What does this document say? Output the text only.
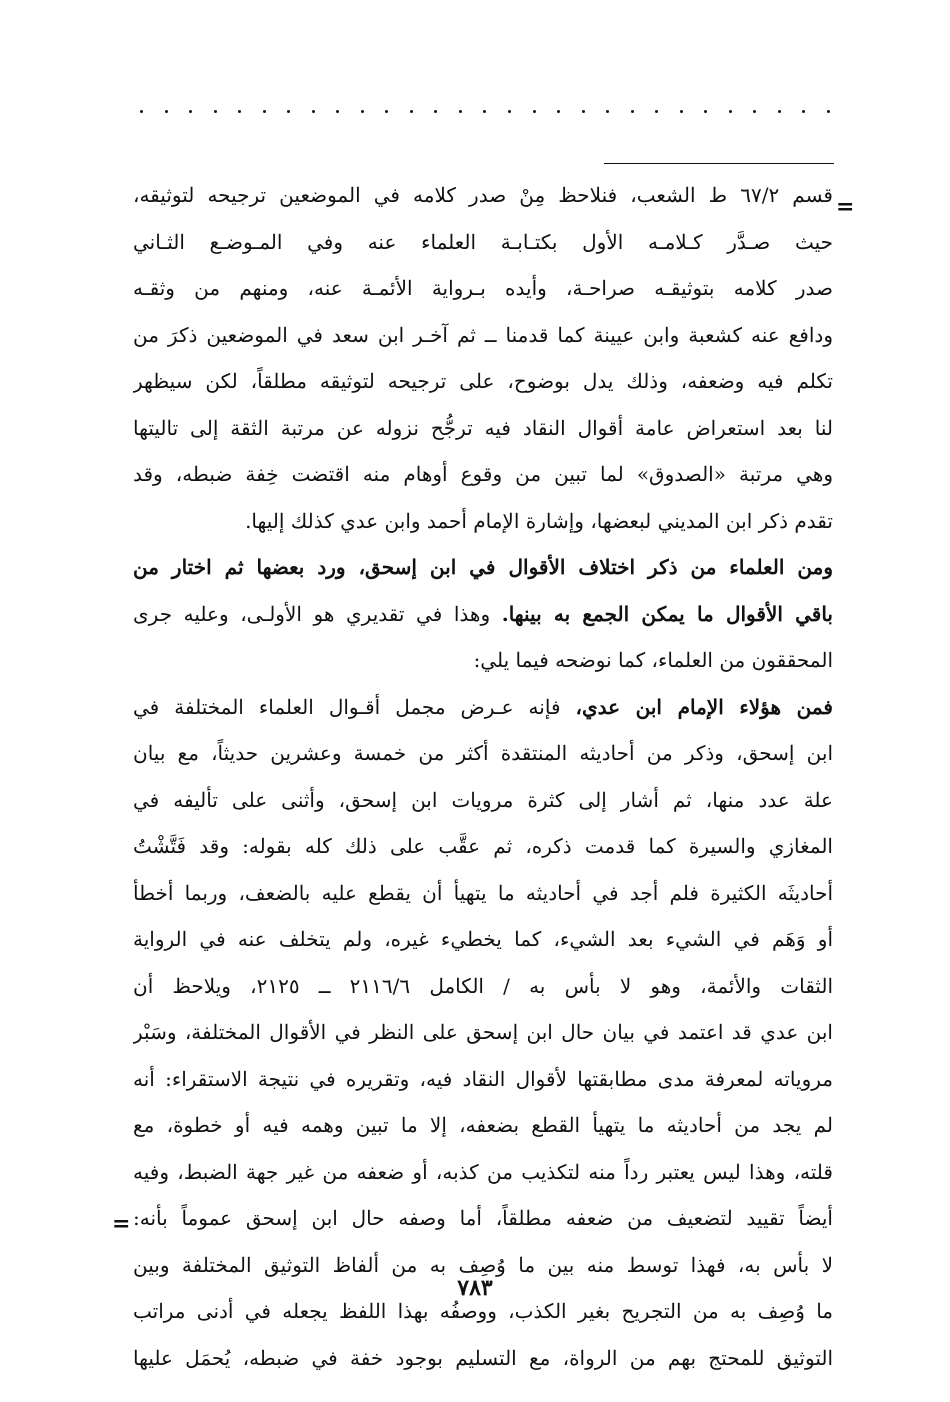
=
قسم ٦٧/٢ ط الشعب، فنلاحظ مِنْ صدر كلامه في الموضعين ترجيحه لتوثيقه،
حيث صـدَّر كـلامـه الأول بكتـابـة العلماء عنه وفي المـوضـع الثـاني
صدر كلامه بتوثيقـه صراحـة، وأيده بـرواية الأئمـة عنه، ومنهم من وثقـه
ودافع عنه كشعبة وابن عيينة كما قدمنا ــ ثم آخـر ابن سعد في الموضعين ذكرَ من
تكلم فيه وضعفه، وذلك يدل بوضوح، على ترجيحه لتوثيقه مطلقاً، لكن سيظهر
لنا بعد استعراض عامة أقوال النقاد فيه ترجُّح نزوله عن مرتبة الثقة إلى تاليتها
وهي مرتبة «الصدوق» لما تبين من وقوع أوهام منه اقتضت خِفة ضبطه، وقد
تقدم ذكر ابن المديني لبعضها، وإشارة الإمام أحمد وابن عدي كذلك إليها.
ومن العلماء من ذكر اختلاف الأقوال في ابن إسحق، ورد بعضها ثم اختار من
باقي الأقوال ما يمكن الجمع به بينها. وهذا في تقديري هو الأولـى، وعليه جرى
المحققون من العلماء، كما نوضحه فيما يلي:
فمن هؤلاء الإمام ابن عدي، فإنه عـرض مجمل أقـوال العلماء المختلفة في
ابن إسحق، وذكر من أحاديثه المنتقدة أكثر من خمسة وعشرين حديثاً، مع بيان
علة عدد منها، ثم أشار إلى كثرة مرويات ابن إسحق، وأثنى على تأليفه في
المغازي والسيرة كما قدمت ذكره، ثم عقَّب على ذلك كله بقوله: وقد فَتَّشْتُ
أحاديثَه الكثيرة فلم أجد في أحاديثه ما يتهيأ أن يقطع عليه بالضعف، وربما أخطأ
أو وَهَم في الشيء بعد الشيء، كما يخطيء غيره، ولم يتخلف عنه في الرواية
الثقات والأئمة، وهو لا بأس به / الكامل ٢١١٦/٦ ــ ٢١٢٥، ويلاحظ أن
ابن عدي قد اعتمد في بيان حال ابن إسحق على النظر في الأقوال المختلفة، وسَبْر
مروياته لمعرفة مدى مطابقتها لأقوال النقاد فيه، وتقريره في نتيجة الاستقراء: أنه
لم يجد من أحاديثه ما يتهيأ القطع بضعفه، إلا ما تبين وهمه فيه أو خطوة، مع
قلته، وهذا ليس يعتبر رداً منه لتكذيب من كذبه، أو ضعفه من غير جهة الضبط، وفيه
أيضاً تقييد لتضعيف من ضعفه مطلقاً، أما وصفه حال ابن إسحق عموماً بأنه:
لا بأس به، فهذا توسط منه بين ما وُصِف به من ألفاظ التوثيق المختلفة وبين
ما وُصِف به من التجريح بغير الكذب، ووصفُه بهذا اللفظ يجعله في أدنى مراتب
التوثيق للمحتج بهم من الرواة، مع التسليم بوجود خفة في ضبطه، يُحمَل عليها
=
٧٨٣
